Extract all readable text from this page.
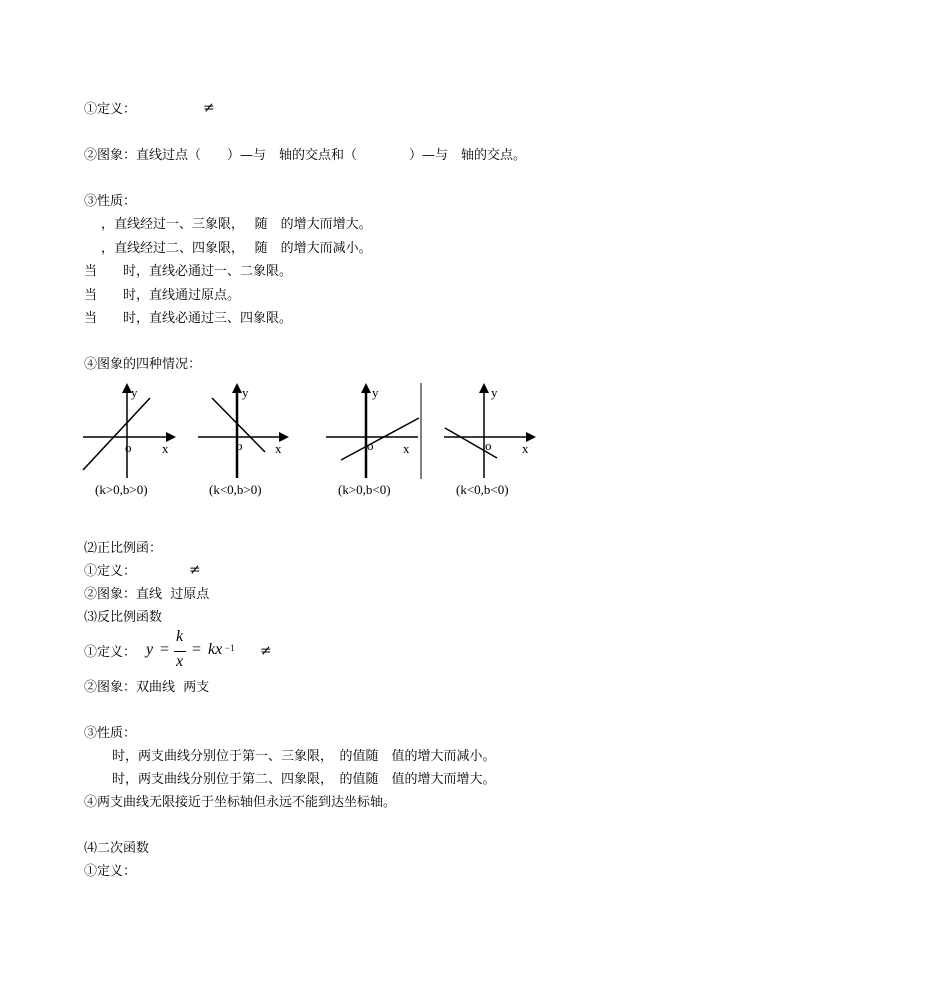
①定义：	≠
②图象：直线过点（　　）—与　轴的交点和（　　　　）—与　轴的交点。
③性质：
　，直线经过一、三象限，　 随　的增大而增大。
　，直线经过二、四象限，　 随　的增大而减小。
当　　时，直线必通过一、二象限。
当　　时，直线通过原点。
当　　时，直线必通过三、四象限。
④图象的四种情况：
y
x
o
(k>0,b>0)
y
x
o
(k<0,b>0)
y
x
o
(k>0,b<0)
y
x
o
(k<0,b<0)
⑵正比例函：
①定义：	≠
②图象：直线  过原点
⑶反比例函数
①定义： y =
k
x
= kx −1 ≠
②图象：双曲线  两支
③性质：
　　时，两支曲线分别位于第一、三象限，　的值随　值的增大而减小。
　　时，两支曲线分别位于第二、四象限，　的值随　值的增大而增大。
④两支曲线无限接近于坐标轴但永远不能到达坐标轴。
⑷二次函数
①定义：
